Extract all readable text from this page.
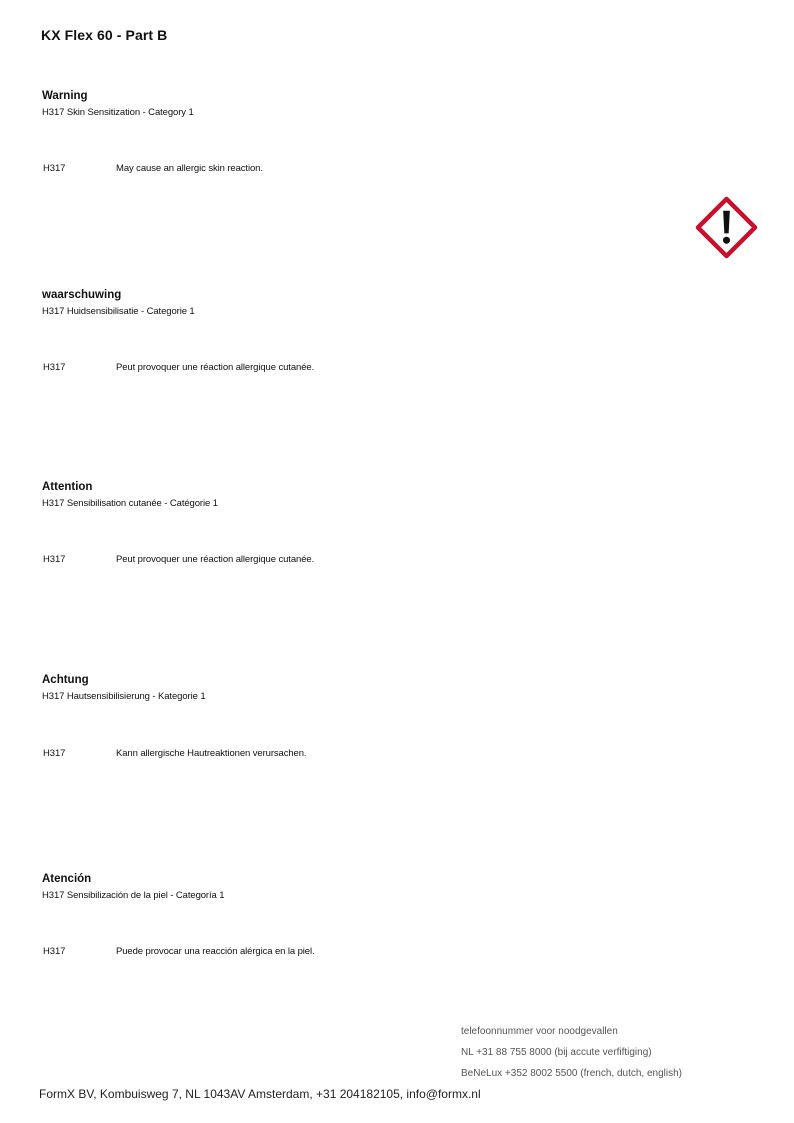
KX Flex 60 - Part B
Warning
H317 Skin Sensitization - Category 1
H317	May cause an allergic skin reaction.
waarschuwing
H317 Huidsensibilisatie - Categorie 1
H317	Peut provoquer une réaction allergique cutanée.
Attention
H317 Sensibilisation cutanée - Catégorie 1
H317	Peut provoquer une réaction allergique cutanée.
Achtung
H317 Hautsensibilisierung - Kategorie 1
H317	Kann allergische Hautreaktionen verursachen.
Atención
H317 Sensibilización de la piel - Categoría 1
H317	Puede provocar una reacción alérgica en la piel.
telefoonnummer voor noodgevallen
NL +31 88 755 8000 (bij accute verfiftiging)
BeNeLux +352 8002 5500 (french, dutch, english)
FormX BV, Kombuisweg 7, NL 1043AV Amsterdam, +31 204182105, info@formx.nl
